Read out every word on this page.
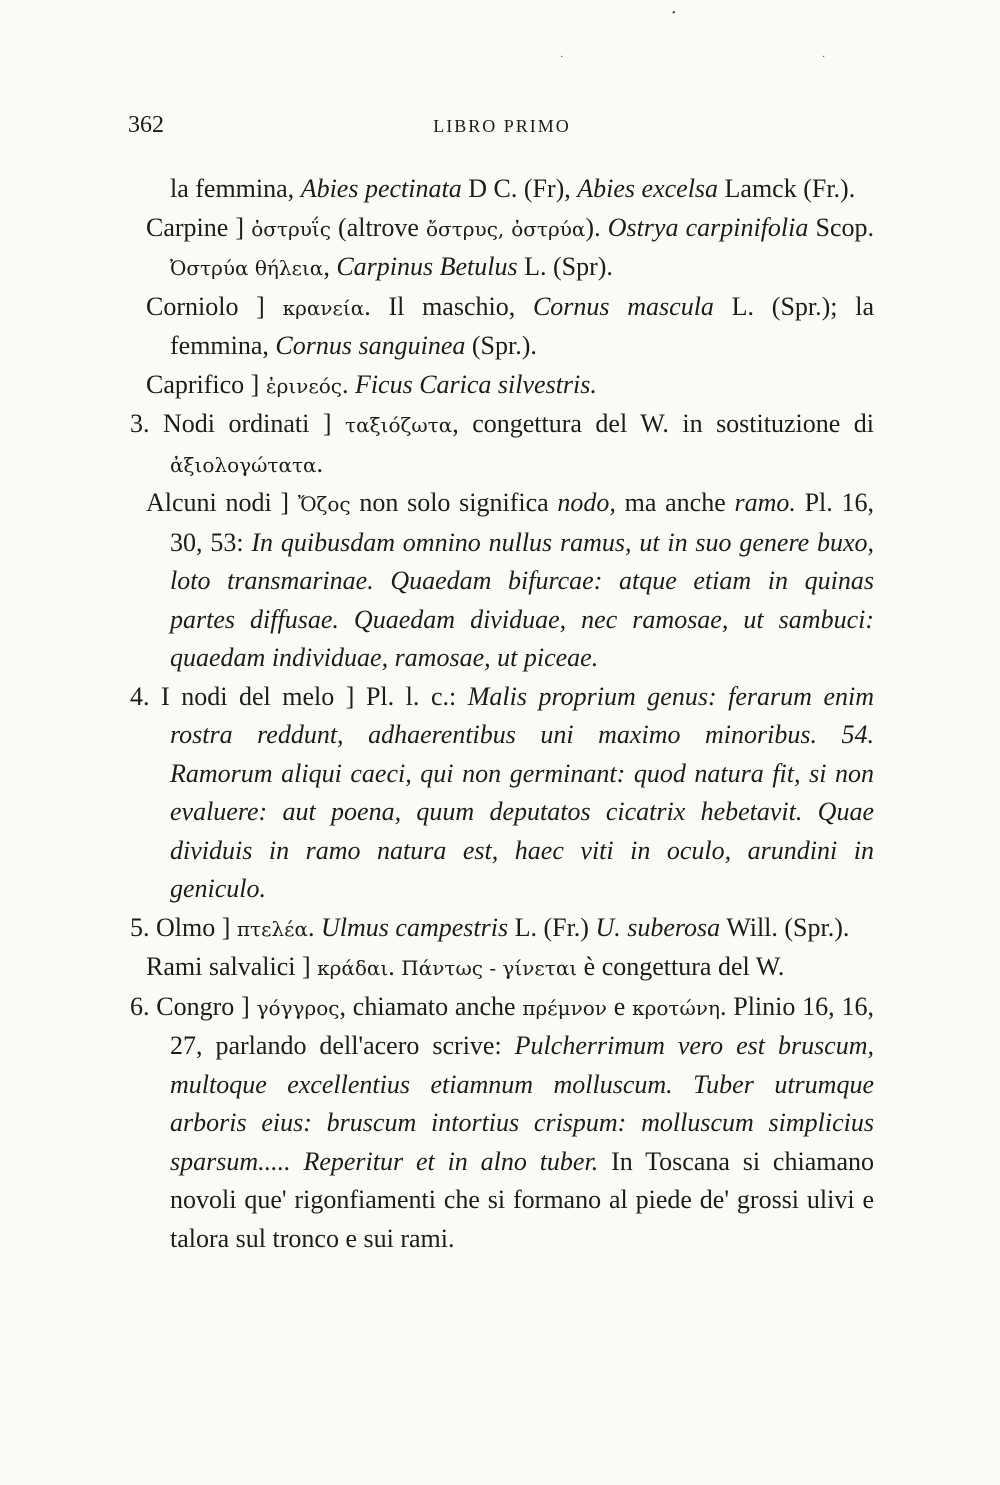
•
·	·
362	LIBRO PRIMO

la femmina, Abies pectinata D C. (Fr), Abies excelsa Lamck (Fr.).

Carpine ] ὀστρυΐς (altrove ὄστρυς, ὀστρύα). Ostrya carpinifolia Scop. Ὀστρύα θήλεια, Carpinus Betulus L. (Spr).

Corniolo ] κρανεία. Il maschio, Cornus mascula L. (Spr.); la femmina, Cornus sanguinea (Spr.).

Caprifico ] ἐρινεός. Ficus Carica silvestris.

3. Nodi ordinati ] ταξιόζωτα, congettura del W. in sostituzione di ἀξιολογώτατα.

Alcuni nodi ] Ὄζος non solo significa nodo, ma anche ramo. Pl. 16, 30, 53: In quibusdam omnino nullus ramus, ut in suo genere buxo, loto transmarinae. Quaedam bifurcae: atque etiam in quinas partes diffusae. Quaedam dividuae, nec ramosae, ut sambuci: quaedam individuae, ramosae, ut piceae.

4. I nodi del melo ] Pl. l. c.: Malis proprium genus: ferarum enim rostra reddunt, adhaerentibus uni maximo minoribus. 54. Ramorum aliqui caeci, qui non germinant: quod natura fit, si non evaluere: aut poena, quum deputatos cicatrix hebetavit. Quae dividuis in ramo natura est, haec viti in oculo, arundini in geniculo.

5. Olmo ] πτελέα. Ulmus campestris L. (Fr.) U. suberosa Will. (Spr.).

Rami salvalici ] κράδαι. Πάντως - γίνεται è congettura del W.

6. Congro ] γόγγρος, chiamato anche πρέμνον e κροτώνη. Plinio 16, 16, 27, parlando dell'acero scrive: Pulcherrimum vero est bruscum, multoque excellentius etiamnum molluscum. Tuber utrumque arboris eius: bruscum intortius crispum: molluscum simplicius sparsum..... Reperitur et in alno tuber. In Toscana si chiamano novoli que' rigonfiamenti che si formano al piede de' grossi ulivi e talora sul tronco e sui rami.
